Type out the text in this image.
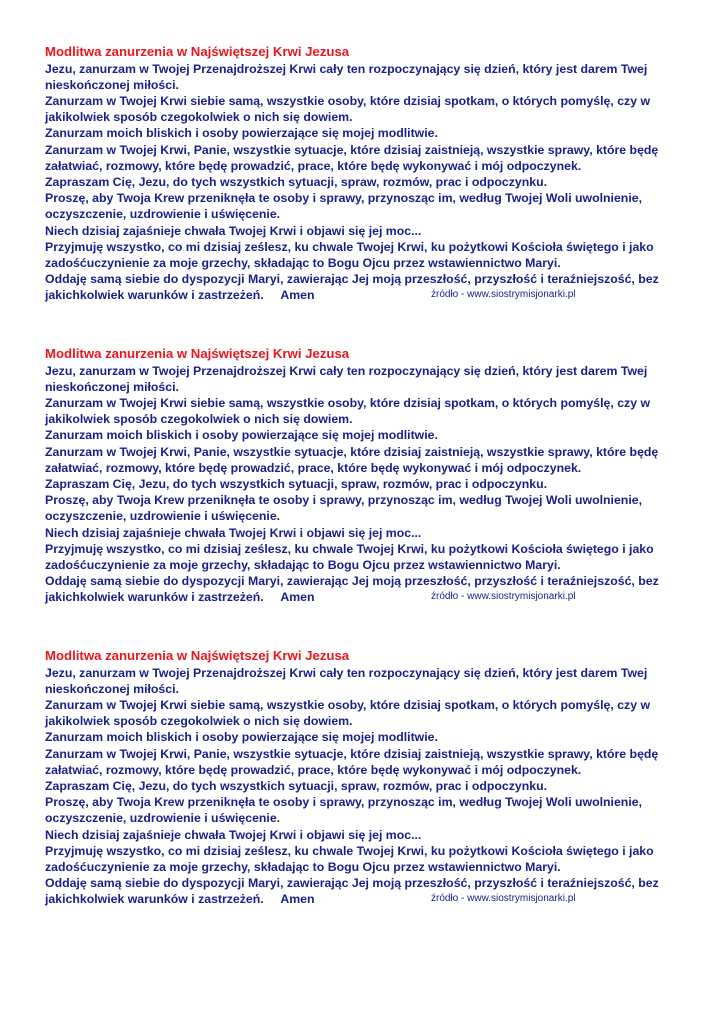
Modlitwa zanurzenia w Najświętszej Krwi Jezusa

Jezu, zanurzam w Twojej Przenajdroższej Krwi cały ten rozpoczynający się dzień, który jest darem Twej

nieskończonej miłości.

Zanurzam w Twojej Krwi siebie samą, wszystkie osoby, które dzisiaj spotkam, o których pomyślę, czy w

jakikolwiek sposób czegokolwiek o nich się dowiem.

Zanurzam moich bliskich i osoby powierzające się mojej modlitwie.

Zanurzam w Twojej Krwi, Panie, wszystkie sytuacje, które dzisiaj zaistnieją, wszystkie sprawy, które będę

załatwiać, rozmowy, które będę prowadzić, prace, które będę wykonywać i mój odpoczynek.

Zapraszam Cię, Jezu, do tych wszystkich sytuacji, spraw, rozmów, prac i odpoczynku.

Proszę, aby Twoja Krew przeniknęła te osoby i sprawy, przynosząc im, według Twojej Woli uwolnienie,

oczyszczenie, uzdrowienie i uświęcenie.

Niech dzisiaj zajaśnieje chwała Twojej Krwi i objawi się jej moc...

Przyjmuję wszystko, co mi dzisiaj ześlesz, ku chwale Twojej Krwi, ku pożytkowi Kościoła świętego i jako

zadośćuczynienie za moje grzechy, składając to Bogu Ojcu przez wstawiennictwo Maryi.

Oddaję samą siebie do dyspozycji Maryi, zawierając Jej moją przeszłość, przyszłość i teraźniejszość, bez

jakichkolwiek warunków i zastrzeżeń.     Amen	źródło - www.siostrymisjonarki.pl

Modlitwa zanurzenia w Najświętszej Krwi Jezusa

Jezu, zanurzam w Twojej Przenajdroższej Krwi cały ten rozpoczynający się dzień, który jest darem Twej

nieskończonej miłości.

Zanurzam w Twojej Krwi siebie samą, wszystkie osoby, które dzisiaj spotkam, o których pomyślę, czy w

jakikolwiek sposób czegokolwiek o nich się dowiem.

Zanurzam moich bliskich i osoby powierzające się mojej modlitwie.

Zanurzam w Twojej Krwi, Panie, wszystkie sytuacje, które dzisiaj zaistnieją, wszystkie sprawy, które będę

załatwiać, rozmowy, które będę prowadzić, prace, które będę wykonywać i mój odpoczynek.

Zapraszam Cię, Jezu, do tych wszystkich sytuacji, spraw, rozmów, prac i odpoczynku.

Proszę, aby Twoja Krew przeniknęła te osoby i sprawy, przynosząc im, według Twojej Woli uwolnienie,

oczyszczenie, uzdrowienie i uświęcenie.

Niech dzisiaj zajaśnieje chwała Twojej Krwi i objawi się jej moc...

Przyjmuję wszystko, co mi dzisiaj ześlesz, ku chwale Twojej Krwi, ku pożytkowi Kościoła świętego i jako

zadośćuczynienie za moje grzechy, składając to Bogu Ojcu przez wstawiennictwo Maryi.

Oddaję samą siebie do dyspozycji Maryi, zawierając Jej moją przeszłość, przyszłość i teraźniejszość, bez

jakichkolwiek warunków i zastrzeżeń.     Amen	źródło - www.siostrymisjonarki.pl

Modlitwa zanurzenia w Najświętszej Krwi Jezusa

Jezu, zanurzam w Twojej Przenajdroższej Krwi cały ten rozpoczynający się dzień, który jest darem Twej

nieskończonej miłości.

Zanurzam w Twojej Krwi siebie samą, wszystkie osoby, które dzisiaj spotkam, o których pomyślę, czy w

jakikolwiek sposób czegokolwiek o nich się dowiem.

Zanurzam moich bliskich i osoby powierzające się mojej modlitwie.

Zanurzam w Twojej Krwi, Panie, wszystkie sytuacje, które dzisiaj zaistnieją, wszystkie sprawy, które będę

załatwiać, rozmowy, które będę prowadzić, prace, które będę wykonywać i mój odpoczynek.

Zapraszam Cię, Jezu, do tych wszystkich sytuacji, spraw, rozmów, prac i odpoczynku.

Proszę, aby Twoja Krew przeniknęła te osoby i sprawy, przynosząc im, według Twojej Woli uwolnienie,

oczyszczenie, uzdrowienie i uświęcenie.

Niech dzisiaj zajaśnieje chwała Twojej Krwi i objawi się jej moc...

Przyjmuję wszystko, co mi dzisiaj ześlesz, ku chwale Twojej Krwi, ku pożytkowi Kościoła świętego i jako

zadośćuczynienie za moje grzechy, składając to Bogu Ojcu przez wstawiennictwo Maryi.

Oddaję samą siebie do dyspozycji Maryi, zawierając Jej moją przeszłość, przyszłość i teraźniejszość, bez

jakichkolwiek warunków i zastrzeżeń.     Amen	źródło - www.siostrymisjonarki.pl
